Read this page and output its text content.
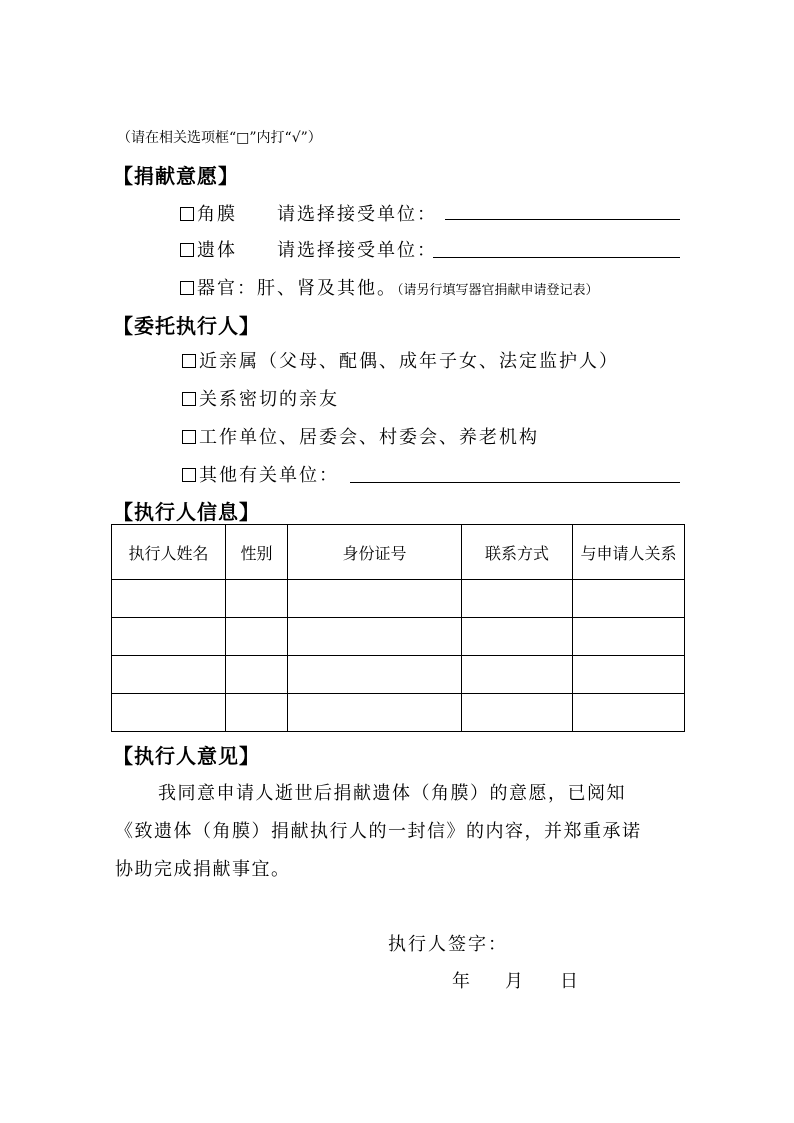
（请在相关选项框“□”内打“√”）
【捐献意愿】
角膜 请选择接受单位：
遗体 请选择接受单位：
器官：肝、肾及其他。（请另行填写器官捐献申请登记表）
【委托执行人】
近亲属（父母、配偶、成年子女、法定监护人）
关系密切的亲友
工作单位、居委会、村委会、养老机构
其他有关单位：
【执行人信息】
执行人姓名	性别	身份证号	联系方式	与申请人关系

【执行人意见】
我同意申请人逝世后捐献遗体（角膜）的意愿，已阅知
《致遗体（角膜）捐献执行人的一封信》的内容，并郑重承诺
协助完成捐献事宜。
执行人签字：
年 月 日
